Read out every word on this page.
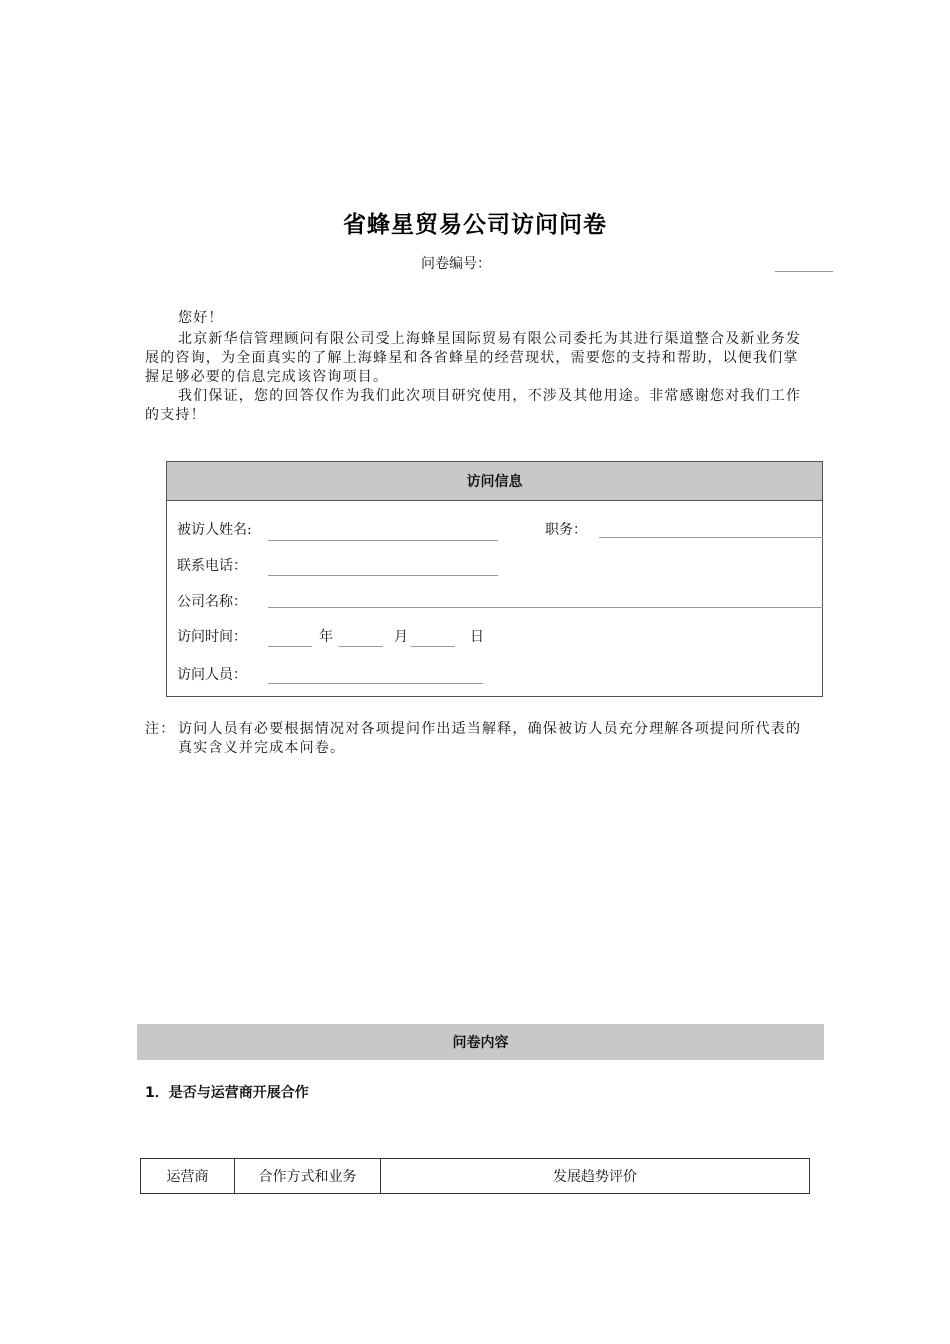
省蜂星贸易公司访问问卷
问卷编号：
您好！
北京新华信管理顾问有限公司受上海蜂星国际贸易有限公司委托为其进行渠道整合及新业务发展的咨询，为全面真实的了解上海蜂星和各省蜂星的经营现状，需要您的支持和帮助，以便我们掌握足够必要的信息完成该咨询项目。
我们保证，您的回答仅作为我们此次项目研究使用，不涉及其他用途。非常感谢您对我们工作的支持！
访问信息
被访人姓名:	职务：
联系电话：
公司名称：
访问时间：	年	月	日
访问人员：
注： 访问人员有必要根据情况对各项提问作出适当解释，确保被访人员充分理解各项提问所代表的真实含义并完成本问卷。
问卷内容
1．是否与运营商开展合作
运营商	合作方式和业务	发展趋势评价
